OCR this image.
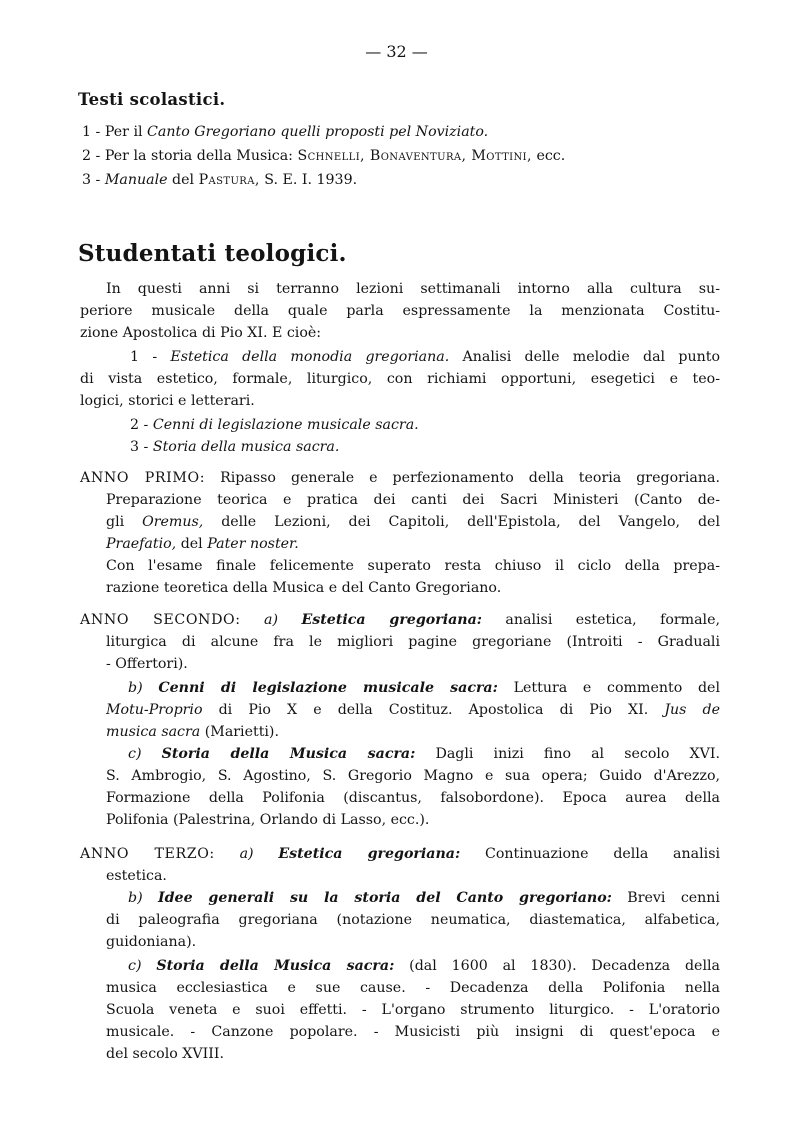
— 32 —
Testi scolastici.
1 - Per il Canto Gregoriano quelli proposti pel Noviziato.
2 - Per la storia della Musica: Schnelli, Bonaventura, Mottini, ecc.
3 - Manuale del Pastura, S. E. I. 1939.
Studentati teologici.
In questi anni si terranno lezioni settimanali intorno alla cultura su-
periore musicale della quale parla espressamente la menzionata Costitu-
zione Apostolica di Pio XI. E cioè:
1 - Estetica della monodia gregoriana. Analisi delle melodie dal punto
di vista estetico, formale, liturgico, con richiami opportuni, esegetici e teo-
logici, storici e letterari.
2 - Cenni di legislazione musicale sacra.
3 - Storia della musica sacra.
ANNO PRIMO: Ripasso generale e perfezionamento della teoria gregoriana.
Preparazione teorica e pratica dei canti dei Sacri Ministeri (Canto de-
gli Oremus, delle Lezioni, dei Capitoli, dell'Epistola, del Vangelo, del
Praefatio, del Pater noster.
Con l'esame finale felicemente superato resta chiuso il ciclo della prepa-
razione teoretica della Musica e del Canto Gregoriano.
ANNO SECONDO: a) Estetica gregoriana: analisi estetica, formale,
liturgica di alcune fra le migliori pagine gregoriane (Introiti - Graduali
- Offertori).
b) Cenni di legislazione musicale sacra: Lettura e commento del
Motu-Proprio di Pio X e della Costituz. Apostolica di Pio XI. Jus de
musica sacra (Marietti).
c) Storia della Musica sacra: Dagli inizi fino al secolo XVI.
S. Ambrogio, S. Agostino, S. Gregorio Magno e sua opera; Guido d'Arezzo,
Formazione della Polifonia (discantus, falsobordone). Epoca aurea della
Polifonia (Palestrina, Orlando di Lasso, ecc.).
ANNO TERZO: a) Estetica gregoriana: Continuazione della analisi
estetica.
b) Idee generali su la storia del Canto gregoriano: Brevi cenni
di paleografia gregoriana (notazione neumatica, diastematica, alfabetica,
guidoniana).
c) Storia della Musica sacra: (dal 1600 al 1830). Decadenza della
musica ecclesiastica e sue cause. - Decadenza della Polifonia nella
Scuola veneta e suoi effetti. - L'organo strumento liturgico. - L'oratorio
musicale. - Canzone popolare. - Musicisti più insigni di quest'epoca e
del secolo XVIII.
